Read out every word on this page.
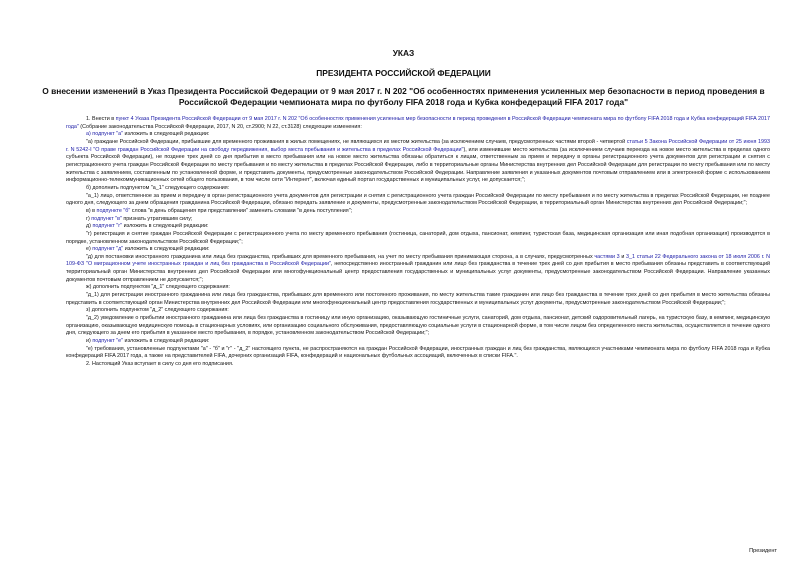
УКАЗ
ПРЕЗИДЕНТА РОССИЙСКОЙ ФЕДЕРАЦИИ
О внесении изменений в Указ Президента Российской Федерации от 9 мая 2017 г. N 202 "Об особенностях применения усиленных мер безопасности в период проведения в Российской Федерации чемпионата мира по футболу FIFA 2018 года и Кубка конфедераций FIFA 2017 года"

1. Внести в пункт 4 Указа Президента Российской Федерации от 9 мая 2017 г. N 202 "Об особенностях применения усиленных мер безопасности в период проведения в Российской Федерации чемпионата мира по футболу FIFA 2018 года и Кубка конфедераций FIFA 2017 года" (Собрание законодательства Российской Федерации, 2017, N 20, ст.2900; N 22, ст.3128) следующие изменения:

а) подпункт "а" изложить в следующей редакции:

"а) граждане Российской Федерации, прибывшие для временного проживания в жилых помещениях, не являющихся их местом жительства (за исключением случаев, предусмотренных частями второй - четвертой статьи 5 Закона Российской Федерации от 25 июня 1993 г. N 5242-I "О праве граждан Российской Федерации на свободу передвижения, выбор места пребывания и жительства в пределах Российской Федерации"), или изменившие место жительства (за исключением случаев переезда на новое место жительства в пределах одного субъекта Российской Федерации), не позднее трех дней со дня прибытия в место пребывания или на новое место жительства обязаны обратиться к лицам, ответственным за прием и передачу в органы регистрационного учета документов для регистрации и снятия с регистрационного учета граждан Российской Федерации по месту пребывания и по месту жительства в пределах Российской Федерации, либо в территориальные органы Министерства внутренних дел Российской Федерации для регистрации по месту пребывания или по месту жительства с заявлением, составленным по установленной форме, и представить документы, предусмотренные законодательством Российской Федерации. Направление заявления и указанных документов почтовым отправлением или в электронной форме с использованием информационно-телекоммуникационных сетей общего пользования, в том числе сети "Интернет", включая единый портал государственных и муниципальных услуг, не допускается;";

б) дополнить подпунктом "а_1" следующего содержания:

"а_1) лицо, ответственное за прием и передачу в орган регистрационного учета документов для регистрации и снятия с регистрационного учета граждан Российской Федерации по месту пребывания и по месту жительства в пределах Российской Федерации, не позднее одного дня, следующего за днем обращения гражданина Российской Федерации, обязано передать заявление и документы, предусмотренные законодательством Российской Федерации, в территориальный орган Министерства внутренних дел Российской Федерации;";

в) в подпункте "б" слова "в день обращения при представлении" заменить словами "в день поступления";

г) подпункт "в" признать утратившим силу;

д) подпункт "г" изложить в следующей редакции:

"г) регистрация и снятие граждан Российской Федерации с регистрационного учета по месту временного пребывания (гостиница, санаторий, дом отдыха, пансионат, кемпинг, туристская база, медицинская организация или иная подобная организация) производятся в порядке, установленном законодательством Российской Федерации;";

е) подпункт "д" изложить в следующей редакции:

"д) для постановки иностранного гражданина или лица без гражданства, прибывших для временного пребывания, на учет по месту пребывания принимающая сторона, а в случаях, предусмотренных частями 3 и 3_1 статьи 22 Федерального закона от 18 июля 2006 г. N 109-ФЗ "О миграционном учете иностранных граждан и лиц без гражданства в Российской Федерации", непосредственно иностранный гражданин или лицо без гражданства в течение трех дней со дня прибытия в место пребывания обязаны представить в соответствующий территориальный орган Министерства внутренних дел Российской Федерации или многофункциональный центр предоставления государственных и муниципальных услуг документы, предусмотренные законодательством Российской Федерации. Направление указанных документов почтовым отправлением не допускается;";

ж) дополнить подпунктом "д_1" следующего содержания:

"д_1) для регистрации иностранного гражданина или лица без гражданства, прибывших для временного или постоянного проживания, по месту жительства такие гражданин или лицо без гражданства в течение трех дней со дня прибытия в место жительства обязаны представить в соответствующий орган Министерства внутренних дел Российской Федерации или многофункциональный центр предоставления государственных и муниципальных услуг документы, предусмотренные законодательством Российской Федерации;";

з) дополнить подпунктом "д_2" следующего содержания:

"д_2) уведомление о прибытии иностранного гражданина или лица без гражданства в гостиницу или иную организацию, оказывающую гостиничные услуги, санаторий, дом отдыха, пансионат, детский оздоровительный лагерь, на туристскую базу, в кемпинг, медицинскую организацию, оказывающую медицинскую помощь в стационарных условиях, или организацию социального обслуживания, предоставляющую социальные услуги в стационарной форме, в том числе лицом без определенного места жительства, осуществляется в течение одного дня, следующего за днем его прибытия в указанное место пребывания, в порядке, установленном законодательством Российской Федерации;";

и) подпункт "е" изложить в следующей редакции:

"е) требования, установленные подпунктами "а" - "б" и "г" - "д_2" настоящего пункта, не распространяются на граждан Российской Федерации, иностранных граждан и лиц без гражданства, являющихся участниками чемпионата мира по футболу FIFA 2018 года и Кубка конфедераций FIFA 2017 года, а также на представителей FIFA, дочерних организаций FIFA, конфедераций и национальных футбольных ассоциаций, включенных в списки FIFA.".

2. Настоящий Указ вступает в силу со дня его подписания.

Президент
